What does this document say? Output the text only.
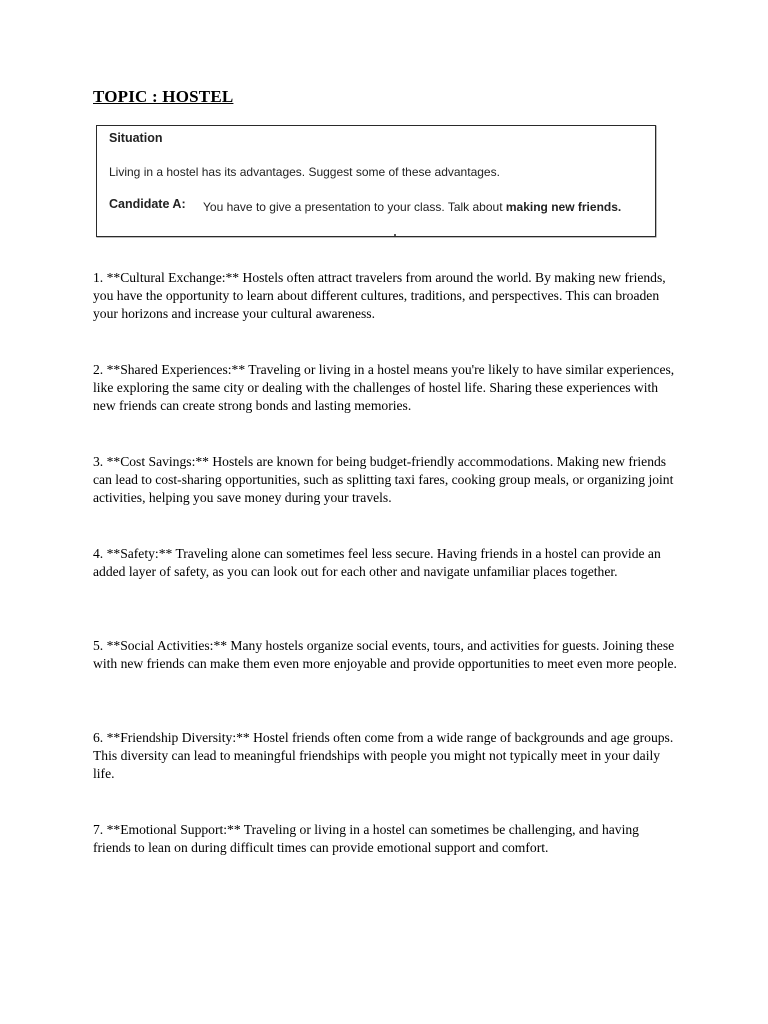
TOPIC : HOSTEL
Situation
Living in a hostel has its advantages. Suggest some of these advantages.
Candidate A: You have to give a presentation to your class. Talk about making new friends.

1. **Cultural Exchange:** Hostels often attract travelers from around the world. By making new friends, you have the opportunity to learn about different cultures, traditions, and perspectives. This can broaden your horizons and increase your cultural awareness.

2. **Shared Experiences:** Traveling or living in a hostel means you're likely to have similar experiences, like exploring the same city or dealing with the challenges of hostel life. Sharing these experiences with new friends can create strong bonds and lasting memories.

3. **Cost Savings:** Hostels are known for being budget-friendly accommodations. Making new friends can lead to cost-sharing opportunities, such as splitting taxi fares, cooking group meals, or organizing joint activities, helping you save money during your travels.

4. **Safety:** Traveling alone can sometimes feel less secure. Having friends in a hostel can provide an added layer of safety, as you can look out for each other and navigate unfamiliar places together.

5. **Social Activities:** Many hostels organize social events, tours, and activities for guests. Joining these with new friends can make them even more enjoyable and provide opportunities to meet even more people.

6. **Friendship Diversity:** Hostel friends often come from a wide range of backgrounds and age groups. This diversity can lead to meaningful friendships with people you might not typically meet in your daily life.

7. **Emotional Support:** Traveling or living in a hostel can sometimes be challenging, and having friends to lean on during difficult times can provide emotional support and comfort.
